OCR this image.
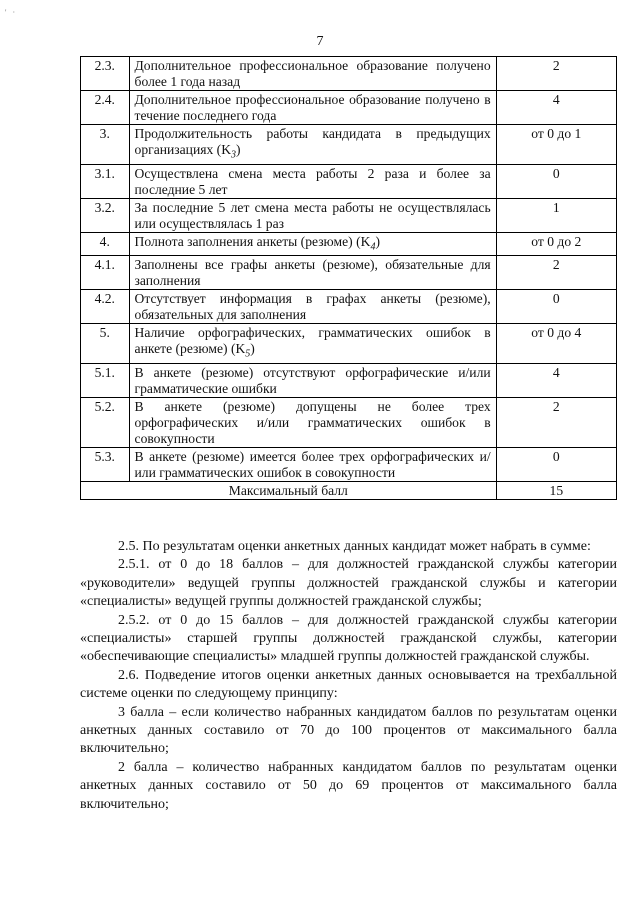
' ·
7
2.3.	Дополнительное профессиональное образование получено более 1 года назад	2
2.4.	Дополнительное профессиональное образование получено в течение последнего года	4
3.	Продолжительность работы кандидата в предыдущих организациях $(K_3)$	от 0 до 1
3.1.	Осуществлена смена места работы 2 раза и более за последние 5 лет	0
3.2.	За последние 5 лет смена места работы не осуществлялась или осуществлялась 1 раз	1
4.	Полнота заполнения анкеты (резюме) $(K_4)$	от 0 до 2
4.1.	Заполнены все графы анкеты (резюме), обязательные для заполнения	2
4.2.	Отсутствует информация в графах анкеты (резюме), обязательных для заполнения	0
5.	Наличие орфографических, грамматических ошибок в анкете (резюме) $(K_5)$	от 0 до 4
5.1.	В анкете (резюме) отсутствуют орфографические и/или грамматические ошибки	4
5.2.	В анкете (резюме) допущены не более трех орфографических и/или грамматических ошибок в совокупности	2
5.3.	В анкете (резюме) имеется более трех орфографических и/или грамматических ошибок в совокупности	0
Максимальный балл		15

2.5. По результатам оценки анкетных данных кандидат может набрать в сумме:

2.5.1. от 0 до 18 баллов – для должностей гражданской службы категории «руководители» ведущей группы должностей гражданской службы и категории «специалисты» ведущей группы должностей гражданской службы;

2.5.2. от 0 до 15 баллов – для должностей гражданской службы категории «специалисты» старшей группы должностей гражданской службы, категории «обеспечивающие специалисты» младшей группы должностей гражданской службы.

2.6. Подведение итогов оценки анкетных данных основывается на трехбалльной системе оценки по следующему принципу:

3 балла – если количество набранных кандидатом баллов по результатам оценки анкетных данных составило от 70 до 100 процентов от максимального балла включительно;

2 балла – количество набранных кандидатом баллов по результатам оценки анкетных данных составило от 50 до 69 процентов от максимального балла включительно;
